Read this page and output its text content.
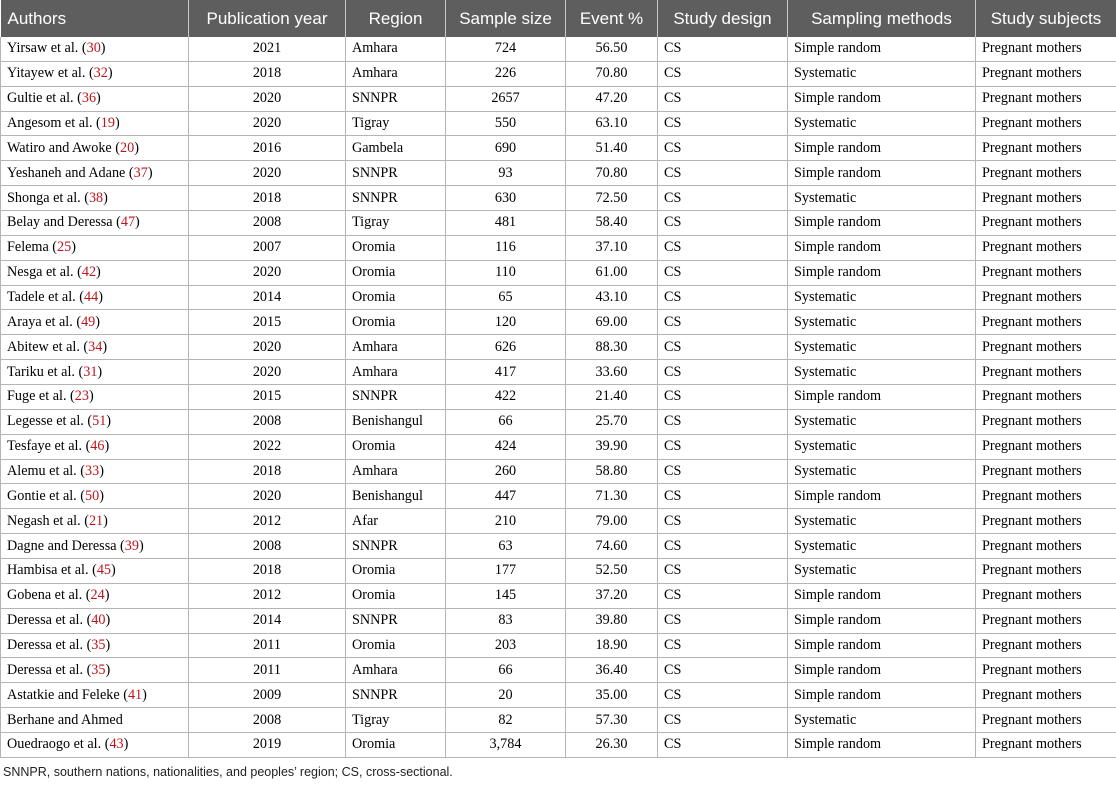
Authors	Publication year	Region	Sample size	Event %	Study design	Sampling methods	Study subjects
Yirsaw et al. (30)	2021	Amhara	724	56.50	CS	Simple random	Pregnant mothers
Yitayew et al. (32)	2018	Amhara	226	70.80	CS	Systematic	Pregnant mothers
Gultie et al. (36)	2020	SNNPR	2657	47.20	CS	Simple random	Pregnant mothers
Angesom et al. (19)	2020	Tigray	550	63.10	CS	Systematic	Pregnant mothers
Watiro and Awoke (20)	2016	Gambela	690	51.40	CS	Simple random	Pregnant mothers
Yeshaneh and Adane (37)	2020	SNNPR	93	70.80	CS	Simple random	Pregnant mothers
Shonga et al. (38)	2018	SNNPR	630	72.50	CS	Systematic	Pregnant mothers
Belay and Deressa (47)	2008	Tigray	481	58.40	CS	Simple random	Pregnant mothers
Felema (25)	2007	Oromia	116	37.10	CS	Simple random	Pregnant mothers
Nesga et al. (42)	2020	Oromia	110	61.00	CS	Simple random	Pregnant mothers
Tadele et al. (44)	2014	Oromia	65	43.10	CS	Systematic	Pregnant mothers
Araya et al. (49)	2015	Oromia	120	69.00	CS	Systematic	Pregnant mothers
Abitew et al. (34)	2020	Amhara	626	88.30	CS	Systematic	Pregnant mothers
Tariku et al. (31)	2020	Amhara	417	33.60	CS	Systematic	Pregnant mothers
Fuge et al. (23)	2015	SNNPR	422	21.40	CS	Simple random	Pregnant mothers
Legesse et al. (51)	2008	Benishangul	66	25.70	CS	Systematic	Pregnant mothers
Tesfaye et al. (46)	2022	Oromia	424	39.90	CS	Systematic	Pregnant mothers
Alemu et al. (33)	2018	Amhara	260	58.80	CS	Systematic	Pregnant mothers
Gontie et al. (50)	2020	Benishangul	447	71.30	CS	Simple random	Pregnant mothers
Negash et al. (21)	2012	Afar	210	79.00	CS	Systematic	Pregnant mothers
Dagne and Deressa (39)	2008	SNNPR	63	74.60	CS	Systematic	Pregnant mothers
Hambisa et al. (45)	2018	Oromia	177	52.50	CS	Systematic	Pregnant mothers
Gobena et al. (24)	2012	Oromia	145	37.20	CS	Simple random	Pregnant mothers
Deressa et al. (40)	2014	SNNPR	83	39.80	CS	Simple random	Pregnant mothers
Deressa et al. (35)	2011	Oromia	203	18.90	CS	Simple random	Pregnant mothers
Deressa et al. (35)	2011	Amhara	66	36.40	CS	Simple random	Pregnant mothers
Astatkie and Feleke (41)	2009	SNNPR	20	35.00	CS	Simple random	Pregnant mothers
Berhane and Ahmed	2008	Tigray	82	57.30	CS	Systematic	Pregnant mothers
Ouedraogo et al. (43)	2019	Oromia	3,784	26.30	CS	Simple random	Pregnant mothers
SNNPR, southern nations, nationalities, and peoples’ region; CS, cross-sectional.
